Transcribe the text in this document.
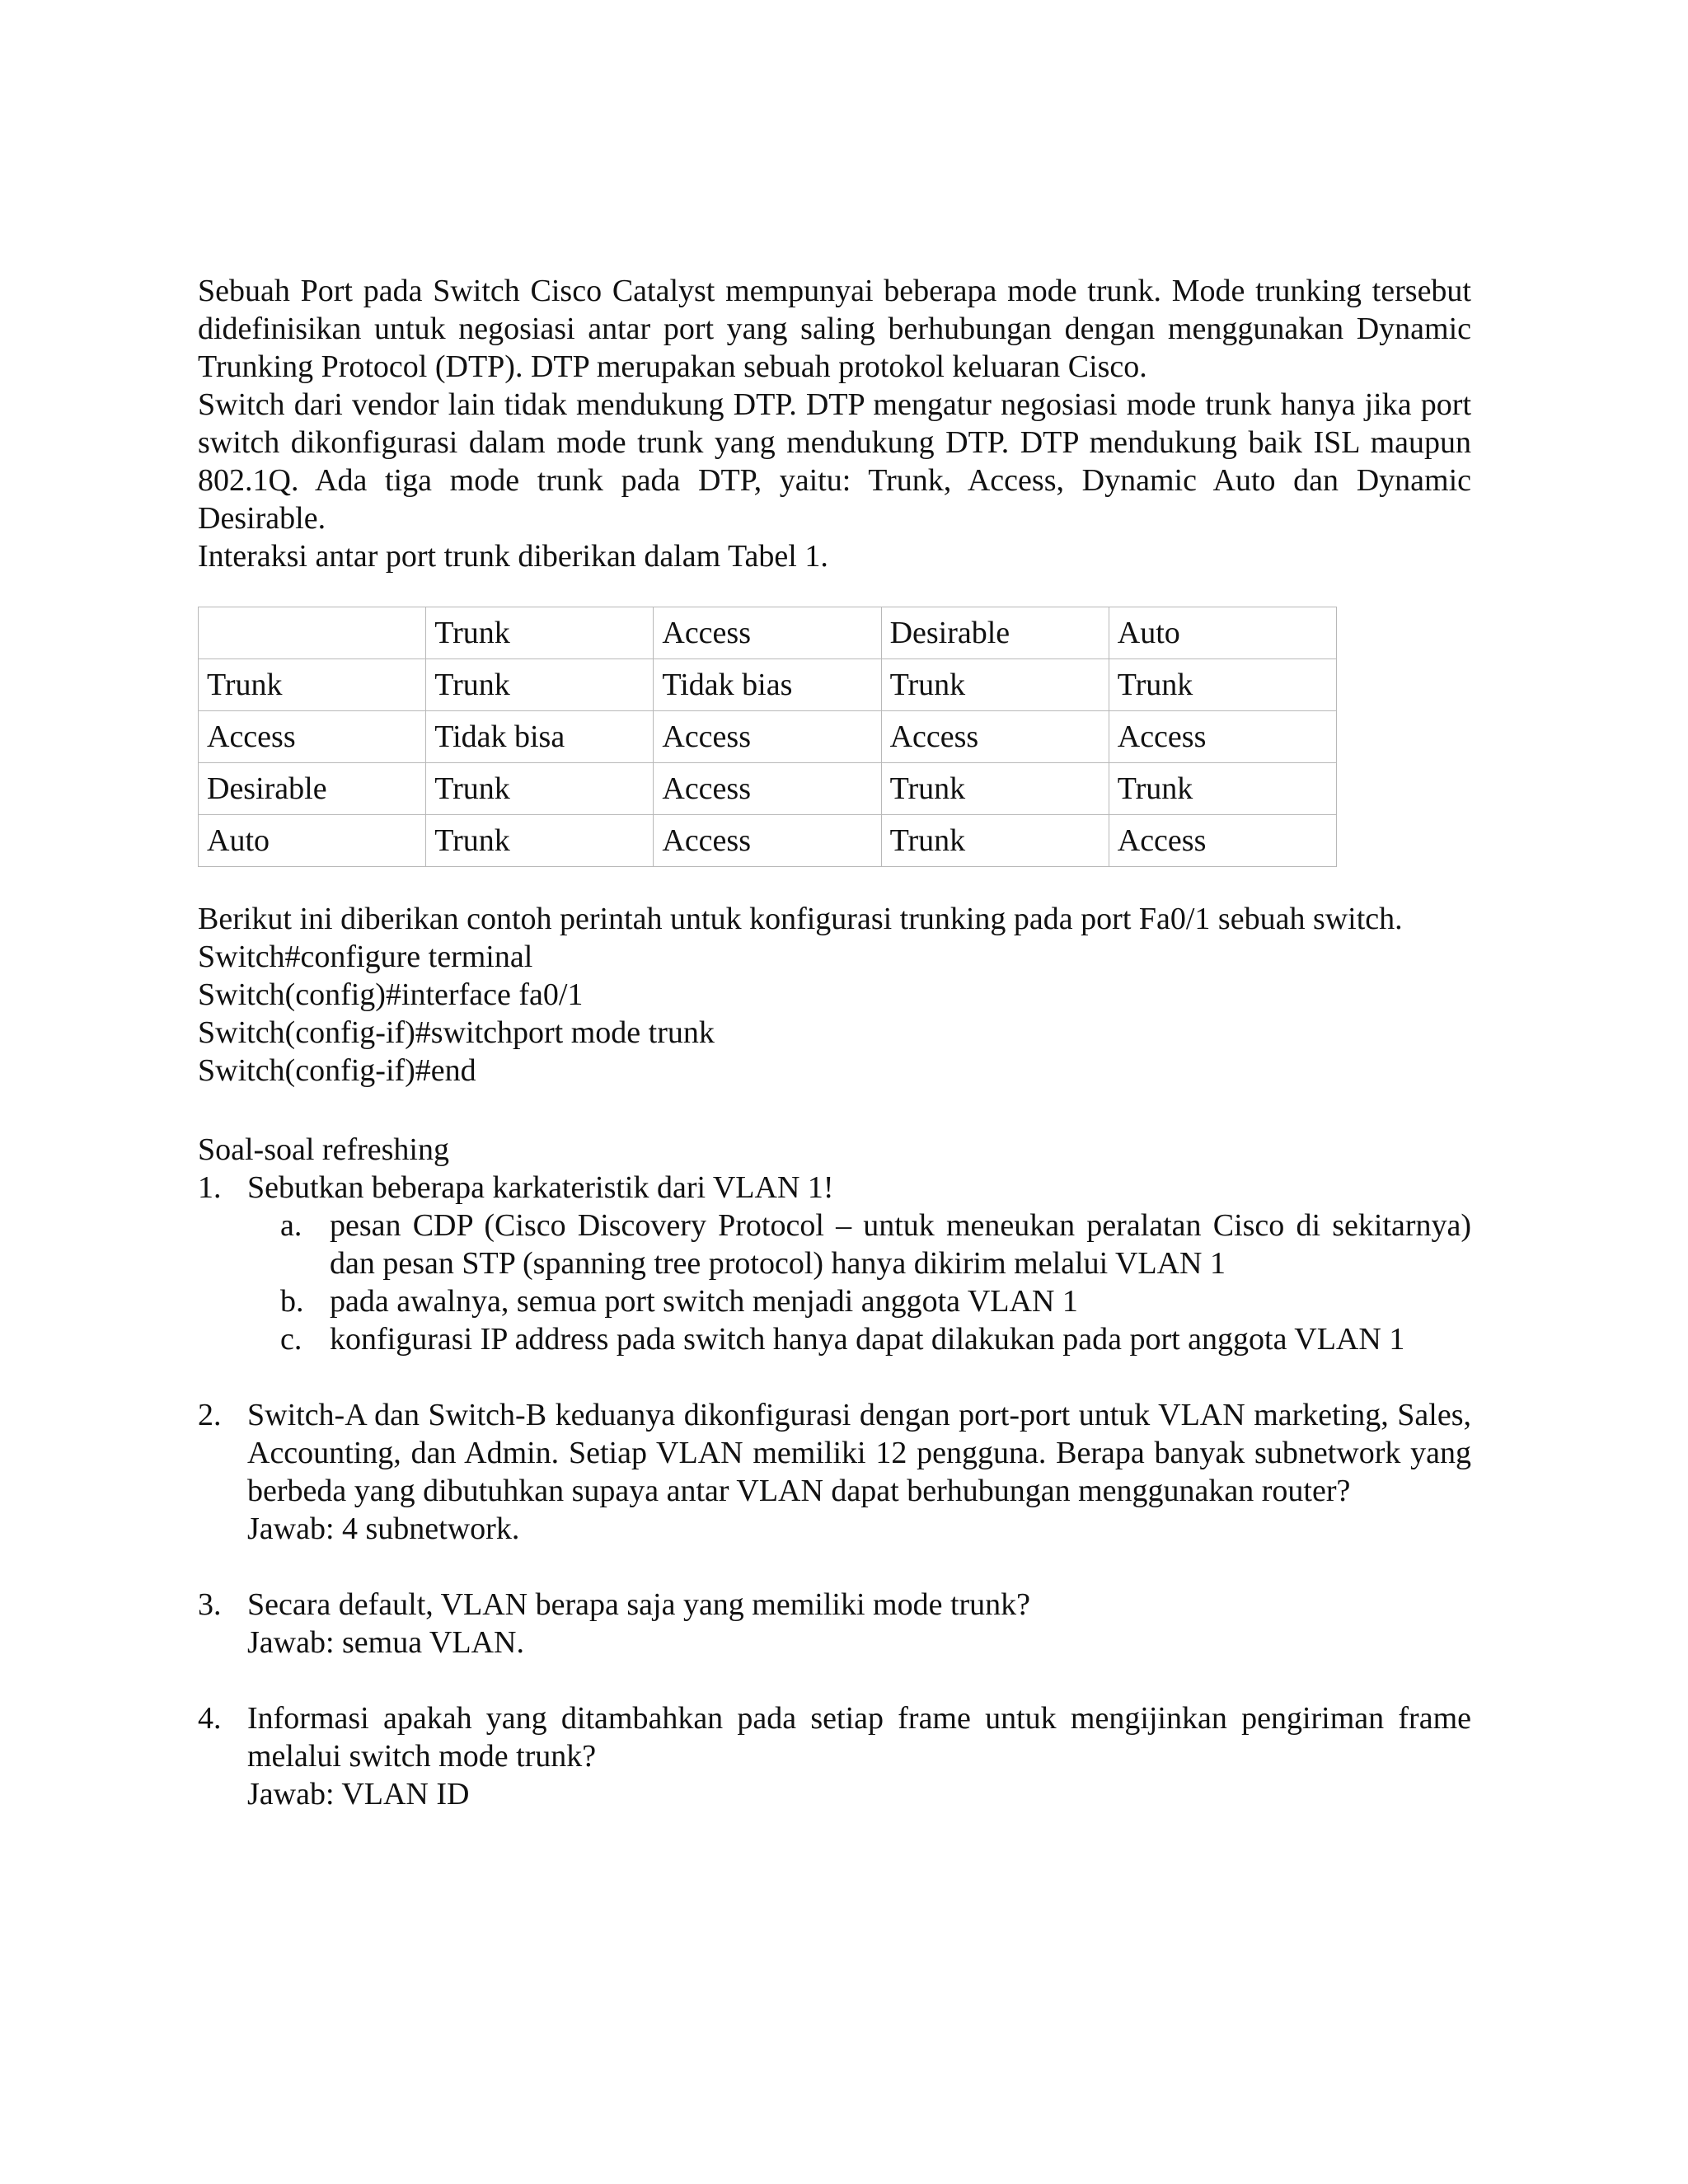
Sebuah Port pada Switch Cisco Catalyst mempunyai beberapa mode trunk. Mode trunking tersebut didefinisikan untuk negosiasi antar port yang saling berhubungan dengan menggunakan Dynamic Trunking Protocol (DTP). DTP merupakan sebuah protokol keluaran Cisco.

Switch dari vendor lain tidak mendukung DTP. DTP mengatur negosiasi mode trunk hanya jika port switch dikonfigurasi dalam mode trunk yang mendukung DTP. DTP mendukung baik ISL maupun 802.1Q. Ada tiga mode trunk pada DTP, yaitu: Trunk, Access, Dynamic Auto dan Dynamic Desirable.

Interaksi antar port trunk diberikan dalam Tabel 1.

	Trunk	Access	Desirable	Auto
Trunk	Trunk	Tidak bias	Trunk	Trunk
Access	Tidak bisa	Access	Access	Access
Desirable	Trunk	Access	Trunk	Trunk
Auto	Trunk	Access	Trunk	Access

Berikut ini diberikan contoh perintah untuk konfigurasi trunking pada port Fa0/1 sebuah switch.

Switch#configure terminal

Switch(config)#interface fa0/1

Switch(config-if)#switchport mode trunk

Switch(config-if)#end

Soal-soal refreshing

1. Sebutkan beberapa karkateristik dari VLAN 1!
a. pesan CDP (Cisco Discovery Protocol – untuk meneukan peralatan Cisco di sekitarnya) dan pesan STP (spanning tree protocol) hanya dikirim melalui VLAN 1
b. pada awalnya, semua port switch menjadi anggota VLAN 1
c. konfigurasi IP address pada switch hanya dapat dilakukan pada port anggota VLAN 1
2. Switch-A dan Switch-B keduanya dikonfigurasi dengan port-port untuk VLAN marketing, Sales, Accounting, dan Admin. Setiap VLAN memiliki 12 pengguna. Berapa banyak subnetwork yang berbeda yang dibutuhkan supaya antar VLAN dapat berhubungan menggunakan router?

Jawab: 4 subnetwork.

3. Secara default, VLAN berapa saja yang memiliki mode trunk?

Jawab: semua VLAN.

4. Informasi apakah yang ditambahkan pada setiap frame untuk mengijinkan pengiriman frame melalui switch mode trunk?

Jawab: VLAN ID
